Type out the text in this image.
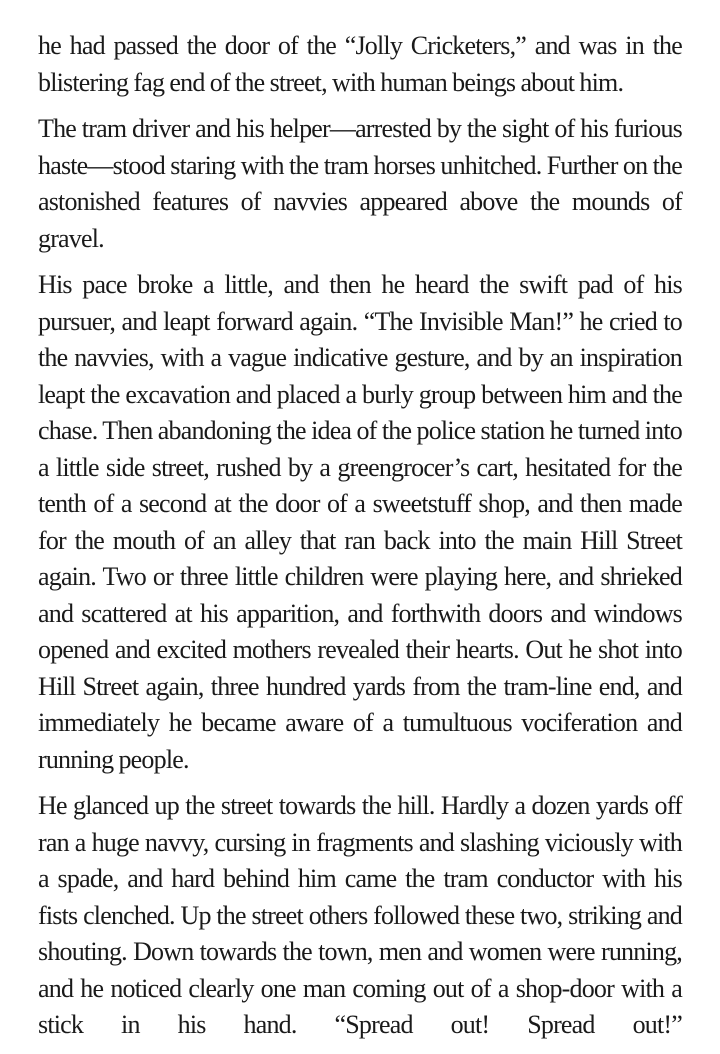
he had passed the door of the “Jolly Cricketers,” and was in the blistering fag end of the street, with human beings about him.

The tram driver and his helper—arrested by the sight of his furious haste—stood staring with the tram horses unhitched. Further on the astonished features of navvies appeared above the mounds of gravel.

His pace broke a little, and then he heard the swift pad of his pursuer, and leapt forward again. “The Invisible Man!” he cried to the navvies, with a vague indicative gesture, and by an inspiration leapt the excavation and placed a burly group between him and the chase. Then abandoning the idea of the police station he turned into a little side street, rushed by a greengrocer’s cart, hesitated for the tenth of a second at the door of a sweetstuff shop, and then made for the mouth of an alley that ran back into the main Hill Street again. Two or three little children were playing here, and shrieked and scattered at his apparition, and forthwith doors and windows opened and excited mothers revealed their hearts. Out he shot into Hill Street again, three hundred yards from the tram-line end, and immediately he became aware of a tumultuous vociferation and running people.

He glanced up the street towards the hill. Hardly a dozen yards off ran a huge navvy, cursing in fragments and slashing viciously with a spade, and hard behind him came the tram conductor with his fists clenched. Up the street others followed these two, striking and shouting. Down towards the town, men and women were running, and he noticed clearly one man coming out of a shop-door with a stick in his hand. “Spread out! Spread out!”
